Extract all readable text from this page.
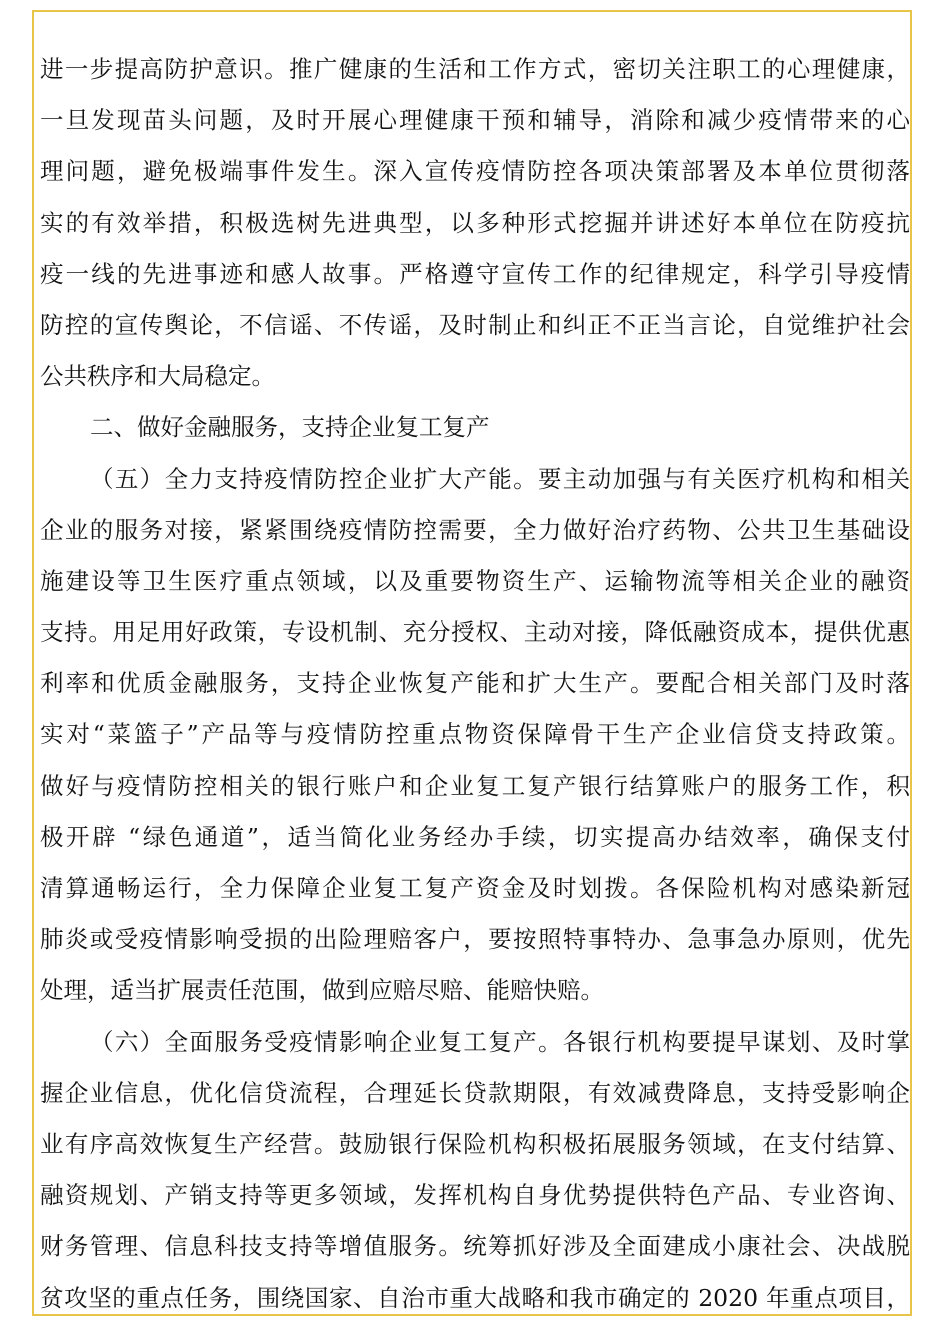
进一步提高防护意识。推广健康的生活和工作方式，密切关注职工的心理健康，
一旦发现苗头问题，及时开展心理健康干预和辅导，消除和减少疫情带来的心
理问题，避免极端事件发生。深入宣传疫情防控各项决策部署及本单位贯彻落
实的有效举措，积极选树先进典型，以多种形式挖掘并讲述好本单位在防疫抗
疫一线的先进事迹和感人故事。严格遵守宣传工作的纪律规定，科学引导疫情
防控的宣传舆论，不信谣、不传谣，及时制止和纠正不正当言论，自觉维护社会
公共秩序和大局稳定。
二、做好金融服务，支持企业复工复产
（五）全力支持疫情防控企业扩大产能。要主动加强与有关医疗机构和相关
企业的服务对接，紧紧围绕疫情防控需要，全力做好治疗药物、公共卫生基础设
施建设等卫生医疗重点领域，以及重要物资生产、运输物流等相关企业的融资
支持。用足用好政策，专设机制、充分授权、主动对接，降低融资成本，提供优惠
利率和优质金融服务，支持企业恢复产能和扩大生产。要配合相关部门及时落
实对“菜篮子”产品等与疫情防控重点物资保障骨干生产企业信贷支持政策。
做好与疫情防控相关的银行账户和企业复工复产银行结算账户的服务工作，积
极开辟 “绿色通道”，适当简化业务经办手续，切实提高办结效率，确保支付
清算通畅运行，全力保障企业复工复产资金及时划拨。各保险机构对感染新冠
肺炎或受疫情影响受损的出险理赔客户，要按照特事特办、急事急办原则，优先
处理，适当扩展责任范围，做到应赔尽赔、能赔快赔。
（六）全面服务受疫情影响企业复工复产。各银行机构要提早谋划、及时掌
握企业信息，优化信贷流程，合理延长贷款期限，有效减费降息，支持受影响企
业有序高效恢复生产经营。鼓励银行保险机构积极拓展服务领域，在支付结算、
融资规划、产销支持等更多领域，发挥机构自身优势提供特色产品、专业咨询、
财务管理、信息科技支持等增值服务。统筹抓好涉及全面建成小康社会、决战脱
贫攻坚的重点任务，围绕国家、自治市重大战略和我市确定的 2020 年重点项目，
